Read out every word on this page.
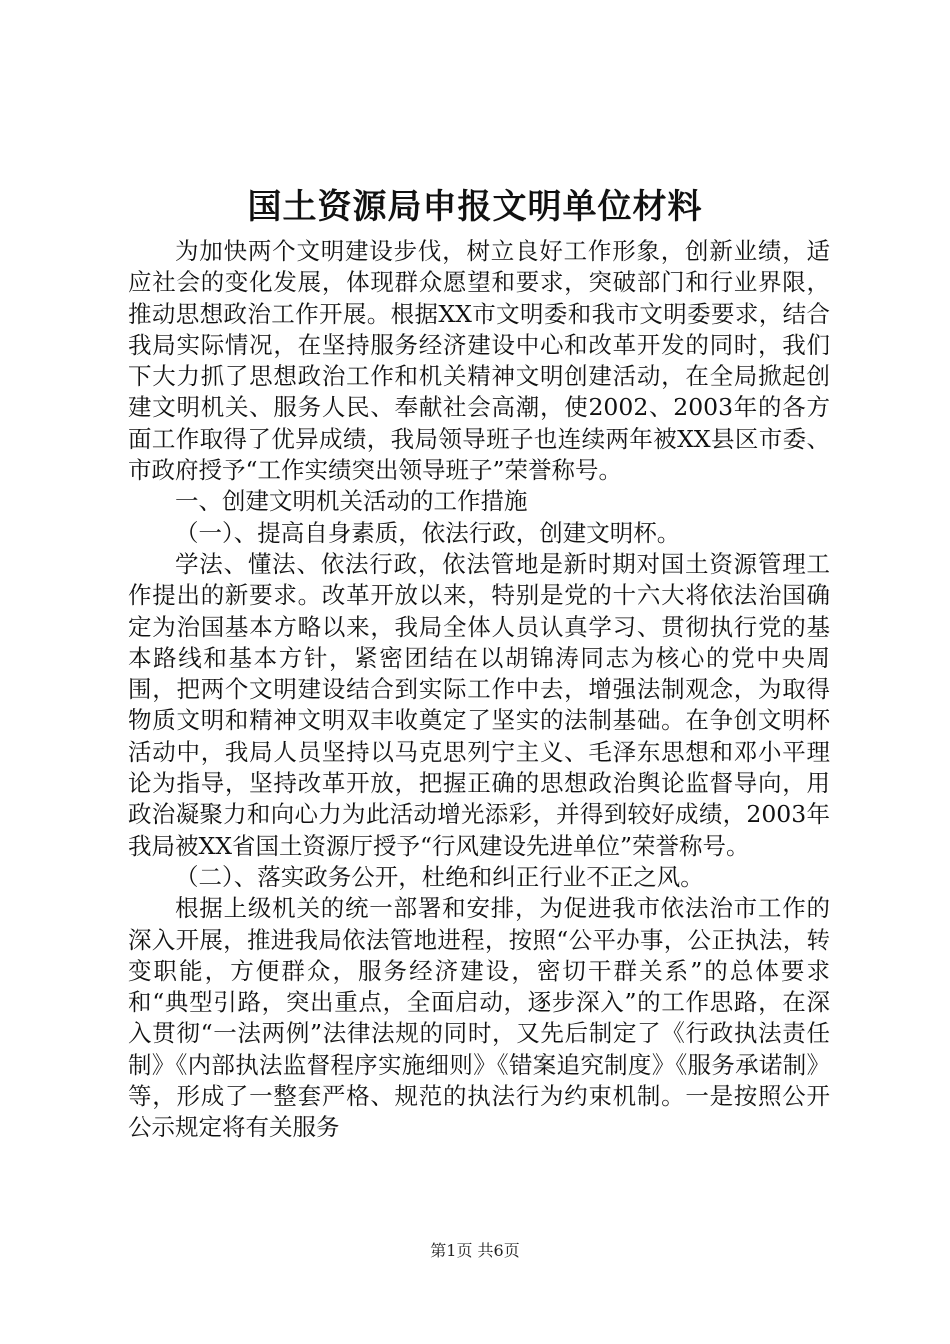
国土资源局申报文明单位材料

为加快两个文明建设步伐，树立良好工作形象，创新业绩，适应社会的变化发展，体现群众愿望和要求，突破部门和行业界限，推动思想政治工作开展。根据XX市文明委和我市文明委要求，结合我局实际情况，在坚持服务经济建设中心和改革开发的同时，我们下大力抓了思想政治工作和机关精神文明创建活动，在全局掀起创建文明机关、服务人民、奉献社会高潮，使2002、2003年的各方面工作取得了优异成绩，我局领导班子也连续两年被XX县区市委、市政府授予“工作实绩突出领导班子”荣誉称号。

一、创建文明机关活动的工作措施

（一）、提高自身素质，依法行政，创建文明杯。

学法、懂法、依法行政，依法管地是新时期对国土资源管理工作提出的新要求。改革开放以来，特别是党的十六大将依法治国确定为治国基本方略以来，我局全体人员认真学习、贯彻执行党的基本路线和基本方针，紧密团结在以胡锦涛同志为核心的党中央周围，把两个文明建设结合到实际工作中去，增强法制观念，为取得物质文明和精神文明双丰收奠定了坚实的法制基础。在争创文明杯活动中，我局人员坚持以马克思列宁主义、毛泽东思想和邓小平理论为指导，坚持改革开放，把握正确的思想政治舆论监督导向，用政治凝聚力和向心力为此活动增光添彩，并得到较好成绩，2003年我局被XX省国土资源厅授予“行风建设先进单位”荣誉称号。

（二）、落实政务公开，杜绝和纠正行业不正之风。

根据上级机关的统一部署和安排，为促进我市依法治市工作的深入开展，推进我局依法管地进程，按照“公平办事，公正执法，转变职能，方便群众，服务经济建设，密切干群关系”的总体要求和“典型引路，突出重点，全面启动，逐步深入”的工作思路，在深入贯彻“一法两例”法律法规的同时，又先后制定了《行政执法责任制》《内部执法监督程序实施细则》《错案追究制度》《服务承诺制》等，形成了一整套严格、规范的执法行为约束机制。一是按照公开公示规定将有关服务

第1页 共6页
